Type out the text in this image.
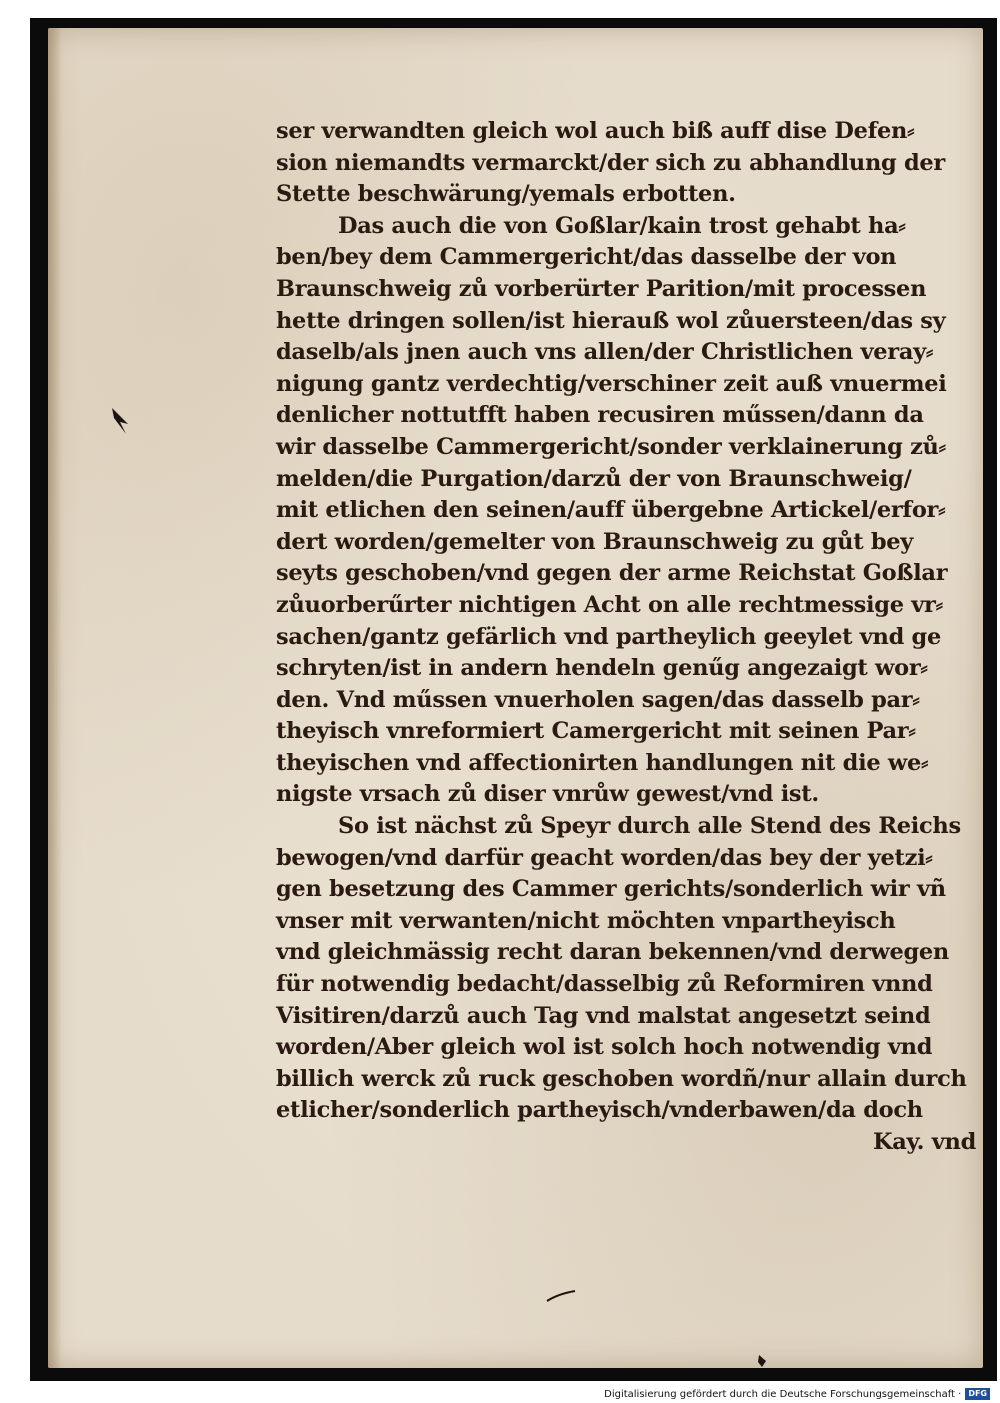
ser verwandten gleich wol auch biß auff dise Defen⸗
sion niemandts vermarckt/der sich zu abhandlung der
Stette beschwärung/yemals erbotten.
Das auch die von Goßlar/kain trost gehabt ha⸗
ben/bey dem Cammergericht/das dasselbe der von
Braunschweig zů vorberürter Parition/mit processen
hette dringen sollen/ist hierauß wol zůuersteen/das sy
daselb/als jnen auch vns allen/der Christlichen veray⸗
nigung gantz verdechtig/verschiner zeit auß vnuermei
denlicher nottutfft haben recusiren műssen/dann da
wir dasselbe Cammergericht/sonder verklainerung zů⸗
melden/die Purgation/darzů der von Braunschweig/
mit etlichen den seinen/auff übergebne Artickel/erfor⸗
dert worden/gemelter von Braunschweig zu gůt bey
seyts geschoben/vnd gegen der arme Reichstat Goßlar
zůuorberűrter nichtigen Acht on alle rechtmessige vr⸗
sachen/gantz gefärlich vnd partheylich geeylet vnd ge
schryten/ist in andern hendeln genűg angezaigt wor⸗
den. Vnd műssen vnuerholen sagen/das dasselb par⸗
theyisch vnreformiert Camergericht mit seinen Par⸗
theyischen vnd affectionirten handlungen nit die we⸗
nigste vrsach zů diser vnrůw gewest/vnd ist.
So ist nächst zů Speyr durch alle Stend des Reichs
bewogen/vnd darfür geacht worden/das bey der yetzi⸗
gen besetzung des Cammer gerichts/sonderlich wir vñ
vnser mit verwanten/nicht möchten vnpartheyisch
vnd gleichmässig recht daran bekennen/vnd derwegen
für notwendig bedacht/dasselbig zů Reformiren vnnd
Visitiren/darzů auch Tag vnd malstat angesetzt seind
worden/Aber gleich wol ist solch hoch notwendig vnd
billich werck zů ruck geschoben wordñ/nur allain durch
etlicher/sonderlich partheyisch/vnderbawen/da doch
Kay. vnd
Digitalisierung gefördert durch die Deutsche Forschungsgemeinschaft · DFG
